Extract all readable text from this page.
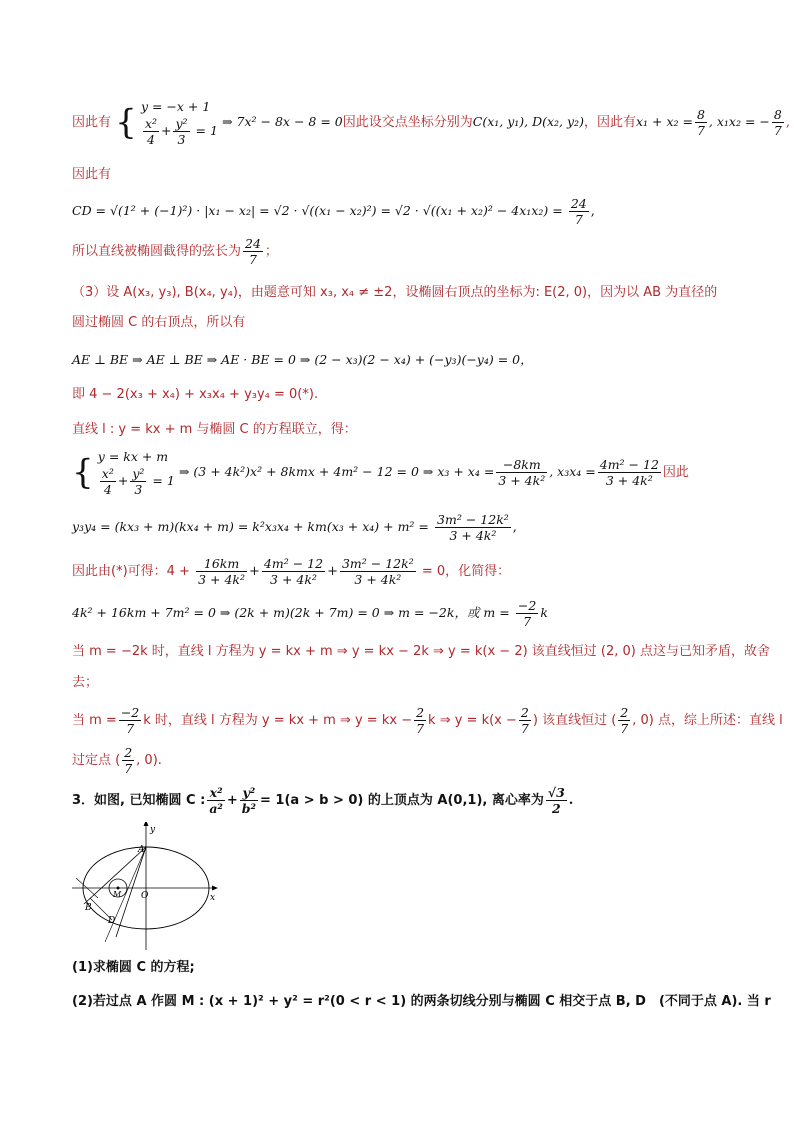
因此有 { y = −x + 1
$\frac{\text{x²}}{4} + \frac{\text{y²}}{3} = 1$
⇒ 7x² − 8x − 8 = 0因此设交点坐标分别为C(x₁, y₁), D(x₂, y₂)，因此有$x_1 + x_2 = \frac{8}{7}$ , x₁x₂ = − $\frac{8}{7}$ ,
因此有
CD = $√(1^2 + (-1)^2) \cdot |x_1 - x_2| = √2 \cdot √((x_1 - x_2)^2) = √2 \cdot √((x_1 + x_2)^2 - 4x_1x_2) = \frac{24}{7}$ ,
所以直线被椭圆截得的弦长为 $\frac{24}{7}$ ；
（3）设 A(x₃, y₃), B(x₄, y₄)，由题意可知 x₃, x₄ ≠ ±2，设椭圆右顶点的坐标为: E(2, 0)，因为以 AB 为直径的
圆过椭圆 C 的右顶点，所以有
AE ⊥ BE ⇒ AE ⊥ BE ⇒ AE · BE = 0 ⇒ (2 − x₃)(2 − x₄) + (−y₃)(−y₄) = 0，
即 4 − 2(x₃ + x₄) + x₃x₄ + y₃y₄ = 0(*).
直线 l : y = kx + m 与椭圆 C 的方程联立，得：
{ y = kx + m
$\frac{\text{x²}}{4} + \frac{\text{y²}}{3} = 1$
⇒ (3 + 4k²)x² + 8kmx + 4m² − 12 = 0 ⇒ $x_3 + x_4 = \frac{-8km}{\text{3 + 4k²}}$ , $x_3x_4 = \frac{\text{4m² − 12}}{\text{3 + 4k²}}$ 因此
$y_3y_4 = (kx_3 + m)(kx_4 + m) = k^2x_3x_4 + km(x_3 + x_4) + m^2 = \frac{\text{3m² − 12k²}}{\text{3 + 4k²}}$ ,
因此由(*)可得：$4 + \frac{16km}{\text{3 + 4k²}} + \frac{\text{4m² − 12}}{\text{3 + 4k²}} + \frac{\text{3m² − 12k²}}{\text{3 + 4k²}} = 0$，化简得：
4k² + 16km + 7m² = 0 ⇒ (2k + m)(2k + 7m) = 0 ⇒ m = −2k，或 $m = \frac{-2}{7}$ k
当 m = −2k 时，直线 l 方程为 y = kx + m ⇒ y = kx − 2k ⇒ y = k(x − 2) 该直线恒过 (2, 0) 点这与已知矛盾，故舍
去；
当 $m = \frac{-2}{7}$ k 时，直线 l 方程为 y = kx + m ⇒ y = kx − $\frac{2}{7}$ k ⇒ $y = k(x - \frac{2}{7}$ ) 该直线恒过 ( $\frac{2}{7}$ , 0) 点，综上所述：直线 l
过定点 ( $\frac{2}{7}$ , 0).
3．如图, 已知椭圆 C : $\frac{\text{x²}}{\text{a²}} + \frac{\text{y²}}{\text{b²}} = 1(a > b > 0)$ 的上顶点为 A(0,1), 离心率为 $\frac{√3}{2}$ .
y
x
A
O
M
B
D
(1)求椭圆 C 的方程;
(2)若过点 A 作圆 M : (x + 1)² + y² = r²(0 < r < 1) 的两条切线分别与椭圆 C 相交于点 B, D　(不同于点 A). 当 r
